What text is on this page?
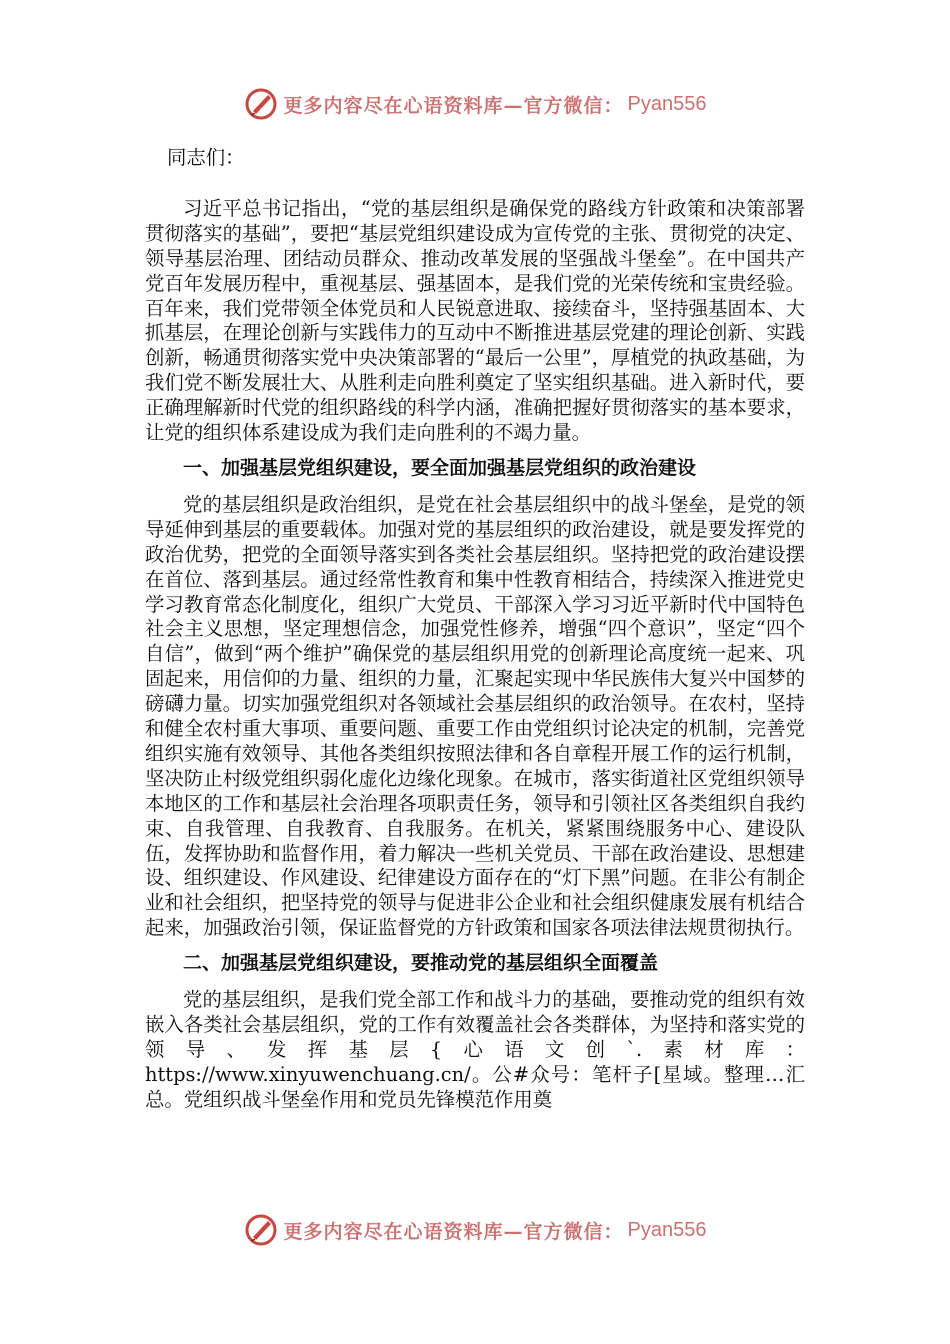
更多内容尽在心语资料库—官方微信： Pyan556

同志们：

习近平总书记指出，“党的基层组织是确保党的路线方针政策和决策部署贯彻落实的基础”，要把“基层党组织建设成为宣传党的主张、贯彻党的决定、领导基层治理、团结动员群众、推动改革发展的坚强战斗堡垒”。在中国共产党百年发展历程中，重视基层、强基固本，是我们党的光荣传统和宝贵经验。百年来，我们党带领全体党员和人民锐意进取、接续奋斗，坚持强基固本、大抓基层，在理论创新与实践伟力的互动中不断推进基层党建的理论创新、实践创新，畅通贯彻落实党中央决策部署的“最后一公里”，厚植党的执政基础，为我们党不断发展壮大、从胜利走向胜利奠定了坚实组织基础。进入新时代，要正确理解新时代党的组织路线的科学内涵，准确把握好贯彻落实的基本要求，让党的组织体系建设成为我们走向胜利的不竭力量。

一、加强基层党组织建设，要全面加强基层党组织的政治建设

党的基层组织是政治组织，是党在社会基层组织中的战斗堡垒，是党的领导延伸到基层的重要载体。加强对党的基层组织的政治建设，就是要发挥党的政治优势，把党的全面领导落实到各类社会基层组织。坚持把党的政治建设摆在首位、落到基层。通过经常性教育和集中性教育相结合，持续深入推进党史学习教育常态化制度化，组织广大党员、干部深入学习习近平新时代中国特色社会主义思想，坚定理想信念，加强党性修养，增强“四个意识”，坚定“四个自信”，做到“两个维护”确保党的基层组织用党的创新理论高度统一起来、巩固起来，用信仰的力量、组织的力量，汇聚起实现中华民族伟大复兴中国梦的磅礴力量。切实加强党组织对各领域社会基层组织的政治领导。在农村，坚持和健全农村重大事项、重要问题、重要工作由党组织讨论决定的机制，完善党组织实施有效领导、其他各类组织按照法律和各自章程开展工作的运行机制，坚决防止村级党组织弱化虚化边缘化现象。在城市，落实街道社区党组织领导本地区的工作和基层社会治理各项职责任务，领导和引领社区各类组织自我约束、自我管理、自我教育、自我服务。在机关，紧紧围绕服务中心、建设队伍，发挥协助和监督作用，着力解决一些机关党员、干部在政治建设、思想建设、组织建设、作风建设、纪律建设方面存在的“灯下黑”问题。在非公有制企业和社会组织，把坚持党的领导与促进非公企业和社会组织健康发展有机结合起来，加强政治引领，保证监督党的方针政策和国家各项法律法规贯彻执行。

二、加强基层党组织建设，要推动党的基层组织全面覆盖

党的基层组织，是我们党全部工作和战斗力的基础，要推动党的组织有效嵌入各类社会基层组织，党的工作有效覆盖社会各类群体，为坚持和落实党的领导、发挥基层{心语文创`.素材库：https://www.xinyuwenchuang.cn/。公#众号：笔杆子[星域。整理…汇总。党组织战斗堡垒作用和党员先锋模范作用奠

更多内容尽在心语资料库—官方微信： Pyan556
